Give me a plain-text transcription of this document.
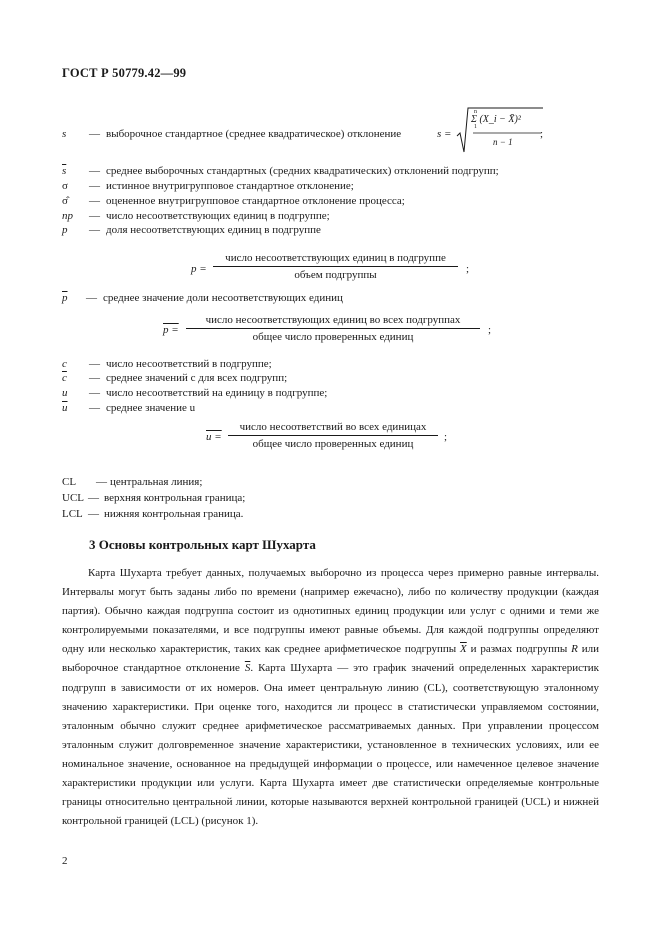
ГОСТ Р 50779.42—99
s	— выборочное стандартное (среднее квадратическое) отклонение	s =
n
1
Σ (X_i − X̄)²
n − 1
;
$\overline{s}$	— среднее выборочных стандартных (средних квадратических) отклонений подгрупп;
σ	— истинное внутригрупповое стандартное отклонение;
σ̂	— оцененное внутригрупповое стандартное отклонение процесса;
np	— число несоответствующих единиц в подгруппе;
p	— доля несоответствующих единиц в подгруппе
p =
число несоответствующих единиц в подгруппе
объем подгруппы	;
$\overline{p}$	— среднее значение доли несоответствующих единиц
p =
число несоответствующих единиц во всех подгруппах
общее число проверенных единиц
;
c	— число несоответствий в подгруппе;
$\overline{c}$	— среднее значений c для всех подгрупп;
u	— число несоответствий на единицу в подгруппе;
$\overline{u}$	— среднее значение u
u =
число несоответствий во всех единицах
общее число проверенных единиц
;
CL — центральная линия;
UCL — верхняя контрольная граница;
LCL — нижняя контрольная граница.
3 Основы контрольных карт Шухарта
Карта Шухарта требует данных, получаемых выборочно из процесса через примерно равные интервалы. Интервалы могут быть заданы либо по времени (например ежечасно), либо по количеству продукции (каждая партия). Обычно каждая подгруппа состоит из однотипных единиц продукции или услуг с одними и теми же контролируемыми показателями, и все подгруппы имеют равные объемы. Для каждой подгруппы определяют одну или несколько характеристик, таких как среднее арифметическое подгруппы $\overline{X}$ и размах подгруппы R или выборочное стандартное отклонение $\overline{S}$. Карта Шухарта — это график значений определенных характеристик подгрупп в зависимости от их номеров. Она имеет центральную линию (CL), соответствующую эталонному значению характеристики. При оценке того, находится ли процесс в статистически управляемом состоянии, эталонным обычно служит среднее арифметическое рассматриваемых данных. При управлении процессом эталонным служит долговременное значение характеристики, установленное в технических условиях, или ее номинальное значение, основанное на предыдущей информации о процессе, или намеченное целевое значение характеристики продукции или услуги. Карта Шухарта имеет две статистически определяемые контрольные границы относительно центральной линии, которые называются верхней контрольной границей (UCL) и нижней контрольной границей (LCL) (рисунок 1).
2
